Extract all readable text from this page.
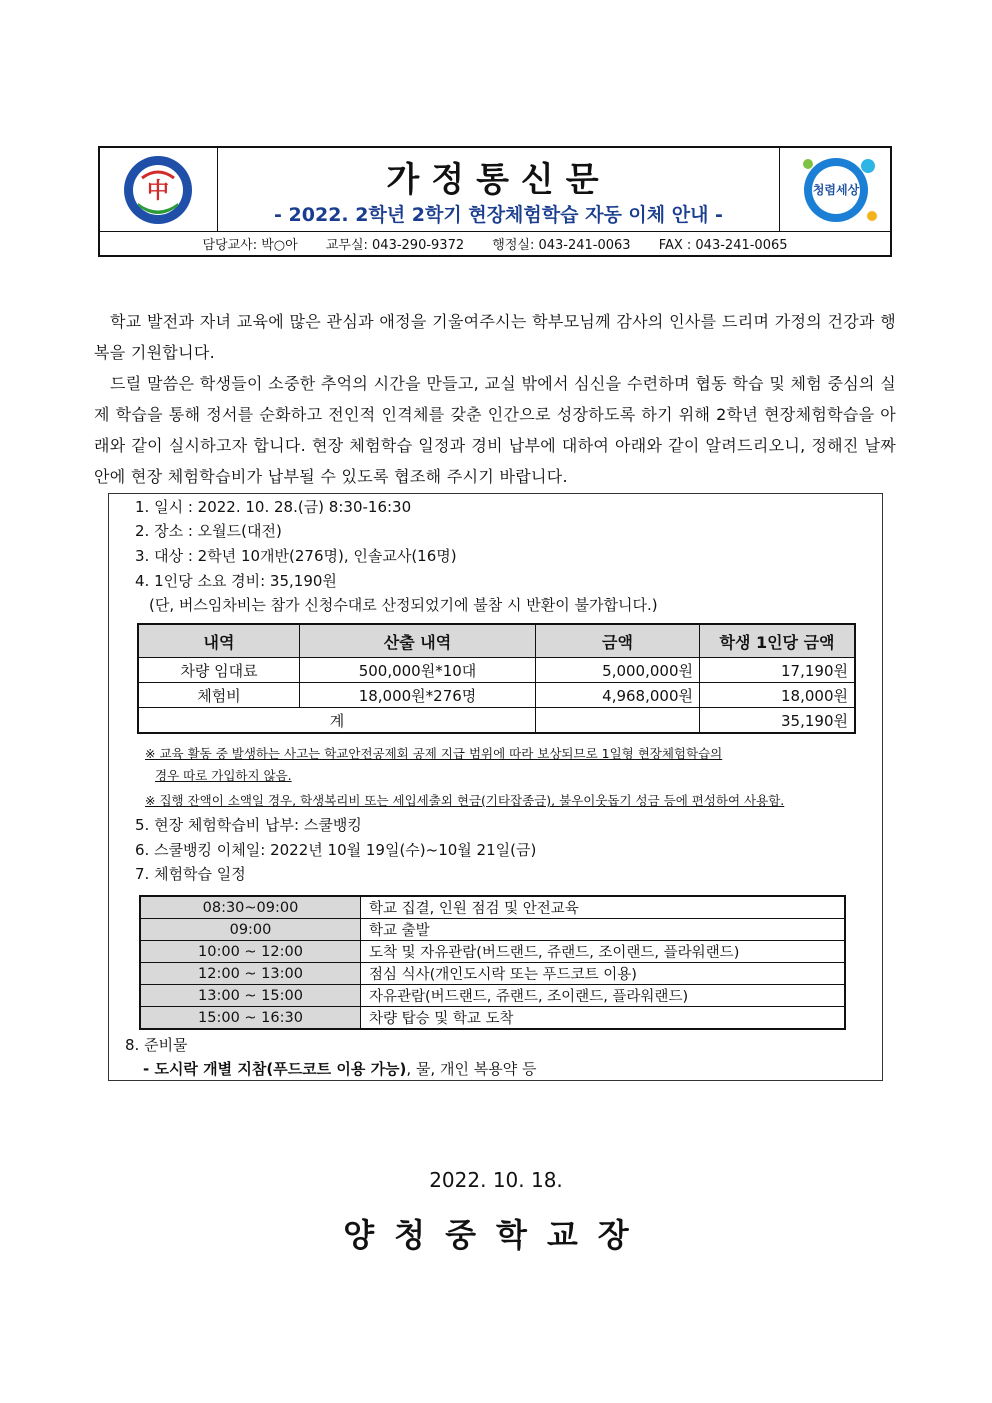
中	가정통신문
- 2022. 2학년 2학기 현장체험학습 자동 이체 안내 -
청렴세상
담당교사: 박○아 교무실: 043-290-9372 행정실: 043-241-0063 FAX : 043-241-0065

학교 발전과 자녀 교육에 많은 관심과 애정을 기울여주시는 학부모님께 감사의 인사를 드리며 가정의 건강과 행복을 기원합니다.

드릴 말씀은 학생들이 소중한 추억의 시간을 만들고, 교실 밖에서 심신을 수련하며 협동 학습 및 체험 중심의 실제 학습을 통해 정서를 순화하고 전인적 인격체를 갖춘 인간으로 성장하도록 하기 위해 2학년 현장체험학습을 아래와 같이 실시하고자 합니다. 현장 체험학습 일정과 경비 납부에 대하여 아래와 같이 알려드리오니, 정해진 날짜 안에 현장 체험학습비가 납부될 수 있도록 협조해 주시기 바랍니다.

1. 일시 : 2022. 10. 28.(금) 8:30-16:30
2. 장소 : 오월드(대전)
3. 대상 : 2학년 10개반(276명), 인솔교사(16명)
4. 1인당 소요 경비: 35,190원
(단, 버스임차비는 참가 신청수대로 산정되었기에 불참 시 반환이 불가합니다.)
내역	산출 내역	금액	학생 1인당 금액
차량 임대료	500,000원*10대	5,000,000원	17,190원
체험비	18,000원*276명	4,968,000원	18,000원
계			35,190원
※ 교육 활동 중 발생하는 사고는 학교안전공제회 공제 지급 범위에 따라 보상되므로 1일형 현장체험학습의
경우 따로 가입하지 않음.
※ 집행 잔액이 소액일 경우, 학생복리비 또는 세입세출외 현금(기타잡종금), 불우이웃돕기 성금 등에 편성하여 사용함.
5. 현장 체험학습비 납부: 스쿨뱅킹
6. 스쿨뱅킹 이체일: 2022년 10월 19일(수)~10월 21일(금)
7. 체험학습 일정
08:30~09:00	학교 집결, 인원 점검 및 안전교육
09:00	학교 출발
10:00 ~ 12:00	도착 및 자유관람(버드랜드, 쥬랜드, 조이랜드, 플라워랜드)
12:00 ~ 13:00	점심 식사(개인도시락 또는 푸드코트 이용)
13:00 ~ 15:00	자유관람(버드랜드, 쥬랜드, 조이랜드, 플라워랜드)
15:00 ~ 16:30	차량 탑승 및 학교 도착
8. 준비물
- 도시락 개별 지참(푸드코트 이용 가능), 물, 개인 복용약 등
2022. 10. 18.
양청중학교장
